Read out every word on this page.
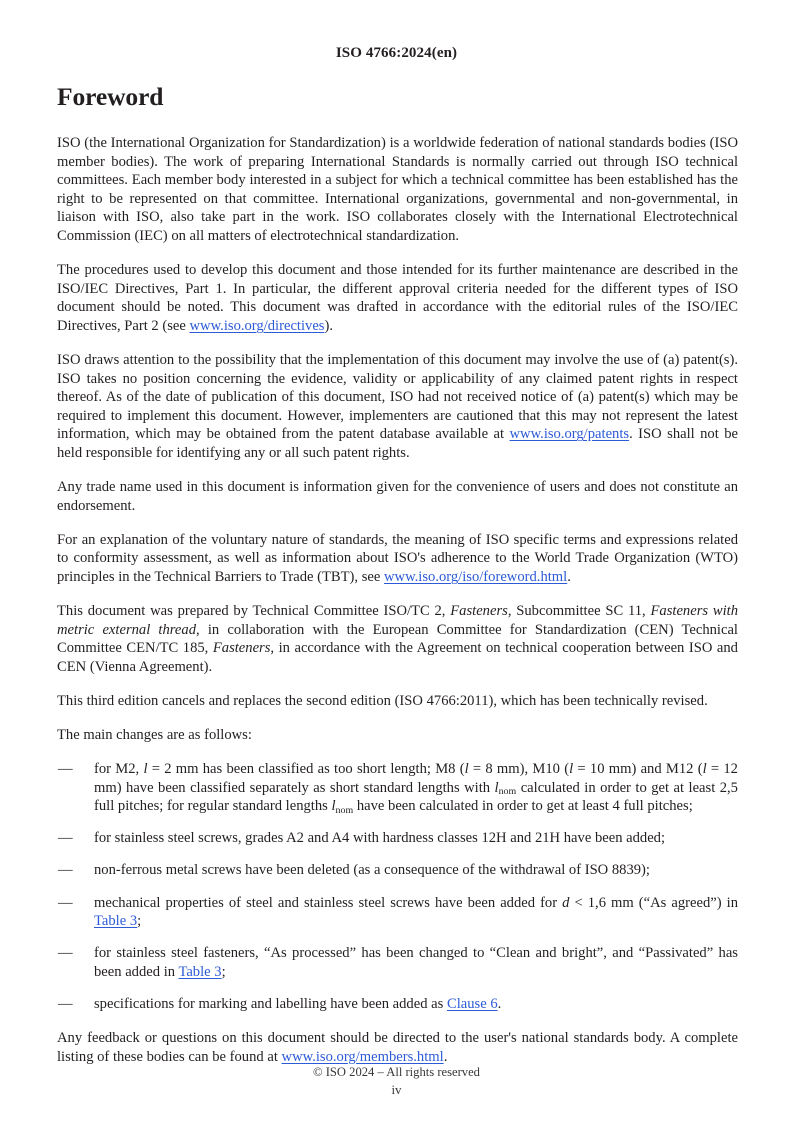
ISO 4766:2024(en)
Foreword

ISO (the International Organization for Standardization) is a worldwide federation of national standards bodies (ISO member bodies). The work of preparing International Standards is normally carried out through ISO technical committees. Each member body interested in a subject for which a technical committee has been established has the right to be represented on that committee. International organizations, governmental and non-governmental, in liaison with ISO, also take part in the work. ISO collaborates closely with the International Electrotechnical Commission (IEC) on all matters of electrotechnical standardization.

The procedures used to develop this document and those intended for its further maintenance are described in the ISO/IEC Directives, Part 1. In particular, the different approval criteria needed for the different types of ISO document should be noted. This document was drafted in accordance with the editorial rules of the ISO/IEC Directives, Part 2 (see www.iso.org/directives).

ISO draws attention to the possibility that the implementation of this document may involve the use of (a) patent(s). ISO takes no position concerning the evidence, validity or applicability of any claimed patent rights in respect thereof. As of the date of publication of this document, ISO had not received notice of (a) patent(s) which may be required to implement this document. However, implementers are cautioned that this may not represent the latest information, which may be obtained from the patent database available at www.iso.org/patents. ISO shall not be held responsible for identifying any or all such patent rights.

Any trade name used in this document is information given for the convenience of users and does not constitute an endorsement.

For an explanation of the voluntary nature of standards, the meaning of ISO specific terms and expressions related to conformity assessment, as well as information about ISO's adherence to the World Trade Organization (WTO) principles in the Technical Barriers to Trade (TBT), see www.iso.org/iso/foreword.html.

This document was prepared by Technical Committee ISO/TC 2, Fasteners, Subcommittee SC 11, Fasteners with metric external thread, in collaboration with the European Committee for Standardization (CEN) Technical Committee CEN/TC 185, Fasteners, in accordance with the Agreement on technical cooperation between ISO and CEN (Vienna Agreement).

This third edition cancels and replaces the second edition (ISO 4766:2011), which has been technically revised.

The main changes are as follows:

— for M2, l = 2 mm has been classified as too short length; M8 (l = 8 mm), M10 (l = 10 mm) and M12 (l = 12 mm) have been classified separately as short standard lengths with $l_{nom}$ calculated in order to get at least 2,5 full pitches; for regular standard lengths $l_{nom}$ have been calculated in order to get at least 4 full pitches;
— for stainless steel screws, grades A2 and A4 with hardness classes 12H and 21H have been added;
— non-ferrous metal screws have been deleted (as a consequence of the withdrawal of ISO 8839);
— mechanical properties of steel and stainless steel screws have been added for d < 1,6 mm (“As agreed”) in Table 3;
— for stainless steel fasteners, “As processed” has been changed to “Clean and bright”, and “Passivated” has been added in Table 3;
— specifications for marking and labelling have been added as Clause 6.

Any feedback or questions on this document should be directed to the user's national standards body. A complete listing of these bodies can be found at www.iso.org/members.html.

© ISO 2024 – All rights reserved
iv
